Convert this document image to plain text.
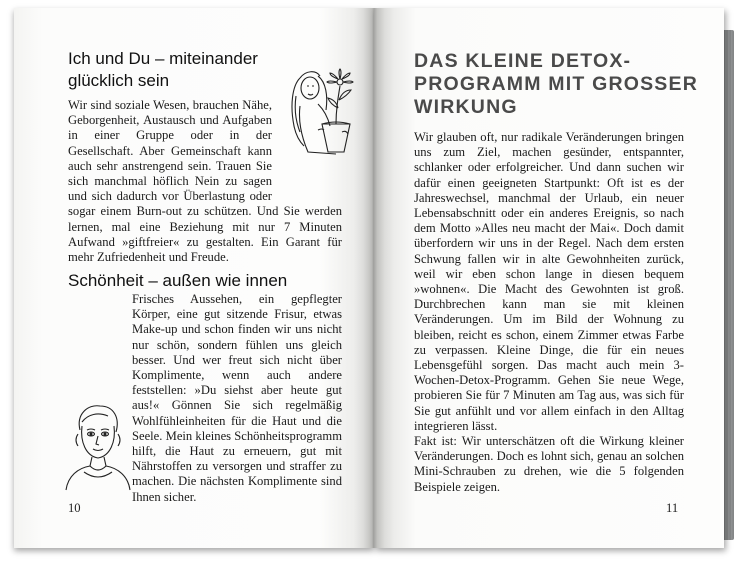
Ich und Du – miteinander glücklich sein

Wir sind soziale Wesen, brauchen Nähe, Geborgenheit, Austausch und Aufgaben in einer Gruppe oder in der Gesellschaft. Aber Gemeinschaft kann auch sehr anstrengend sein. Trauen Sie sich manchmal höflich Nein zu sagen und sich dadurch vor Überlastung oder sogar einem Burn-out zu schützen. Und Sie werden lernen, mal eine Beziehung mit nur 7 Minuten Aufwand »giftfreier« zu gestalten. Ein Garant für mehr Zufriedenheit und Freude.

Schönheit – außen wie innen

Frisches Aussehen, ein gepflegter Körper, eine gut sitzende Frisur, etwas Make-up und schon finden wir uns nicht nur schön, sondern fühlen uns gleich besser. Und wer freut sich nicht über Komplimente, wenn auch andere feststellen: »Du siehst aber heute gut aus!« Gönnen Sie sich regelmäßig Wohlfühleinheiten für die Haut und die Seele. Mein kleines Schönheitsprogramm hilft, die Haut zu erneuern, gut mit Nährstoffen zu versorgen und straffer zu machen. Die nächsten Komplimente sind Ihnen sicher.

10
DAS KLEINE DETOX-PROGRAMM MIT GROSSER WIRKUNG
Wir glauben oft, nur radikale Veränderungen bringen uns zum Ziel, machen gesünder, entspannter, schlanker oder erfolgreicher. Und dann suchen wir dafür einen geeigneten Startpunkt: Oft ist es der Jahreswechsel, manchmal der Urlaub, ein neuer Lebensabschnitt oder ein anderes Ereignis, so nach dem Motto »Alles neu macht der Mai«. Doch damit überfordern wir uns in der Regel. Nach dem ersten Schwung fallen wir in alte Gewohnheiten zurück, weil wir eben schon lange in diesen bequem »wohnen«. Die Macht des Gewohnten ist groß. Durchbrechen kann man sie mit kleinen Veränderungen. Um im Bild der Wohnung zu bleiben, reicht es schon, einem Zimmer etwas Farbe zu verpassen. Kleine Dinge, die für ein neues Lebensgefühl sorgen. Das macht auch mein 3-Wochen-Detox-Programm. Gehen Sie neue Wege, probieren Sie für 7 Minuten am Tag aus, was sich für Sie gut anfühlt und vor allem einfach in den Alltag integrieren lässt.
Fakt ist: Wir unterschätzen oft die Wirkung kleiner Veränderungen. Doch es lohnt sich, genau an solchen Mini-Schrauben zu drehen, wie die 5 folgenden Beispiele zeigen.
11
